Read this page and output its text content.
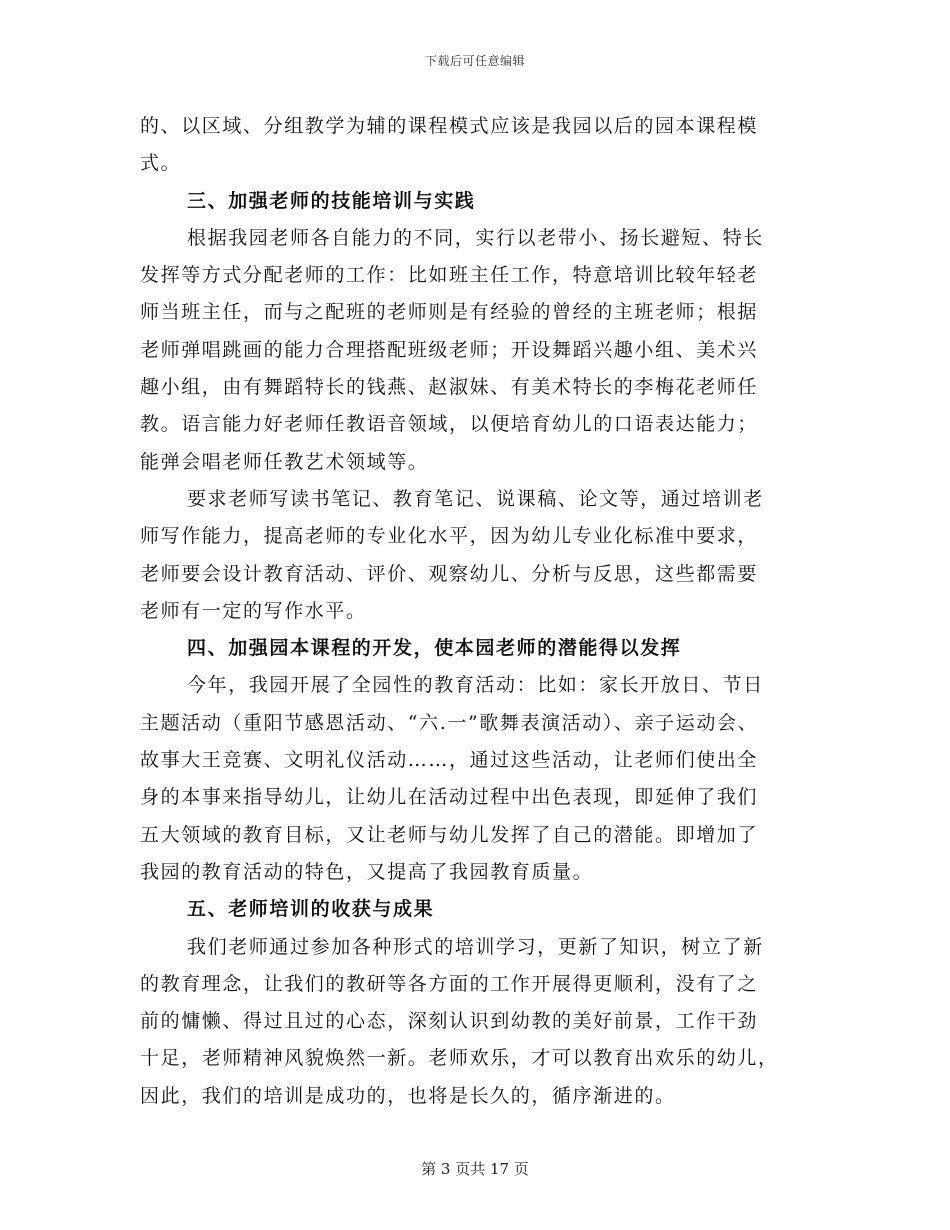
下载后可任意编辑
的、以区域、分组教学为辅的课程模式应该是我园以后的园本课程模
式。
三、加强老师的技能培训与实践
根据我园老师各自能力的不同，实行以老带小、扬长避短、特长
发挥等方式分配老师的工作：比如班主任工作，特意培训比较年轻老
师当班主任，而与之配班的老师则是有经验的曾经的主班老师；根据
老师弹唱跳画的能力合理搭配班级老师；开设舞蹈兴趣小组、美术兴
趣小组，由有舞蹈特长的钱燕、赵淑妹、有美术特长的李梅花老师任
教。语言能力好老师任教语音领域，以便培育幼儿的口语表达能力；
能弹会唱老师任教艺术领域等。
要求老师写读书笔记、教育笔记、说课稿、论文等，通过培训老
师写作能力，提高老师的专业化水平，因为幼儿专业化标准中要求，
老师要会设计教育活动、评价、观察幼儿、分析与反思，这些都需要
老师有一定的写作水平。
四、加强园本课程的开发，使本园老师的潜能得以发挥
今年，我园开展了全园性的教育活动：比如：家长开放日、节日
主题活动（重阳节感恩活动、“六.一”歌舞表演活动）、亲子运动会、
故事大王竞赛、文明礼仪活动……，通过这些活动，让老师们使出全
身的本事来指导幼儿，让幼儿在活动过程中出色表现，即延伸了我们
五大领域的教育目标，又让老师与幼儿发挥了自己的潜能。即增加了
我园的教育活动的特色，又提高了我园教育质量。
五、老师培训的收获与成果
我们老师通过参加各种形式的培训学习，更新了知识，树立了新
的教育理念，让我们的教研等各方面的工作开展得更顺利，没有了之
前的慵懒、得过且过的心态，深刻认识到幼教的美好前景，工作干劲
十足，老师精神风貌焕然一新。老师欢乐，才可以教育出欢乐的幼儿，
因此，我们的培训是成功的，也将是长久的，循序渐进的。
第 3 页共 17 页
